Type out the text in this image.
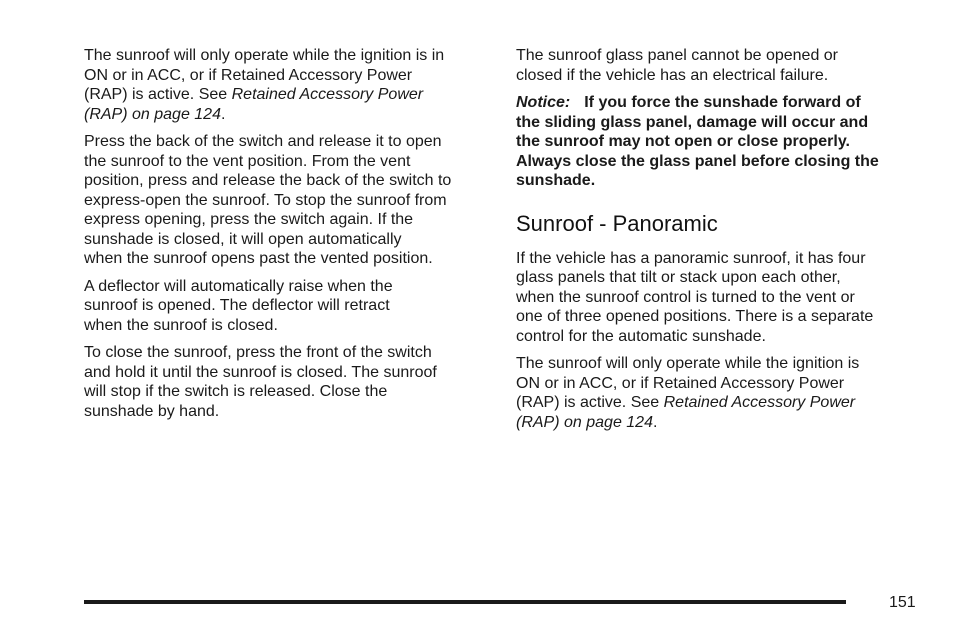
The sunroof will only operate while the ignition is in
ON or in ACC, or if Retained Accessory Power
(RAP) is active. See Retained Accessory Power
(RAP) on page 124.

Press the back of the switch and release it to open
the sunroof to the vent position. From the vent
position, press and release the back of the switch to
express-open the sunroof. To stop the sunroof from
express opening, press the switch again. If the
sunshade is closed, it will open automatically
when the sunroof opens past the vented position.

A deflector will automatically raise when the
sunroof is opened. The deflector will retract
when the sunroof is closed.

To close the sunroof, press the front of the switch
and hold it until the sunroof is closed. The sunroof
will stop if the switch is released. Close the
sunshade by hand.

The sunroof glass panel cannot be opened or
closed if the vehicle has an electrical failure.

Notice: If you force the sunshade forward of
the sliding glass panel, damage will occur and
the sunroof may not open or close properly.
Always close the glass panel before closing the
sunshade.

Sunroof - Panoramic

If the vehicle has a panoramic sunroof, it has four
glass panels that tilt or stack upon each other,
when the sunroof control is turned to the vent or
one of three opened positions. There is a separate
control for the automatic sunshade.

The sunroof will only operate while the ignition is
ON or in ACC, or if Retained Accessory Power
(RAP) is active. See Retained Accessory Power
(RAP) on page 124.

151
